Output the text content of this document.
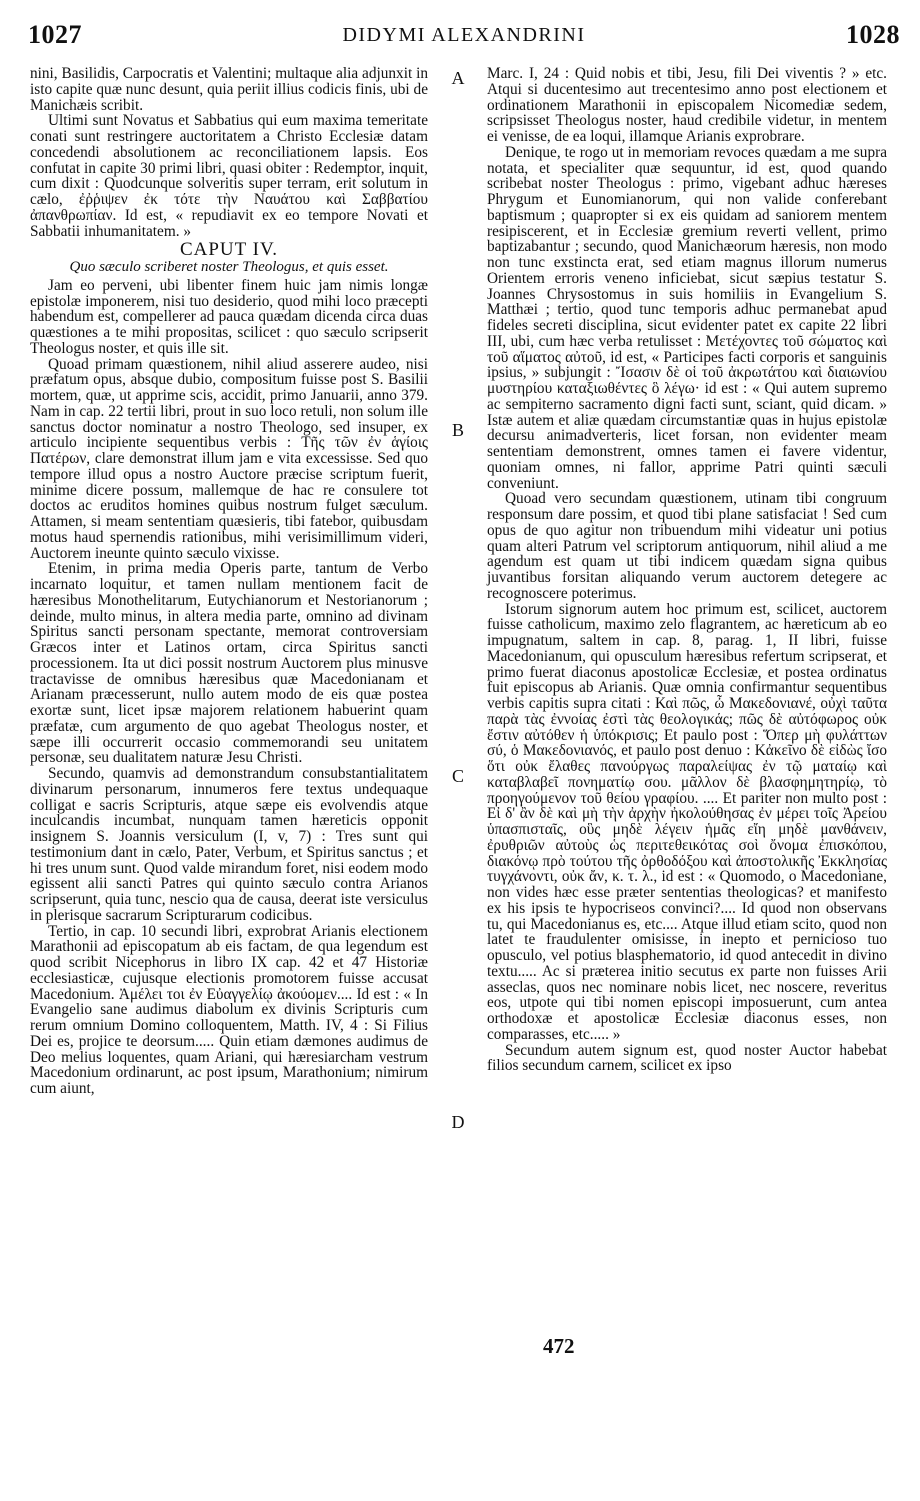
1027	DIDYMI ALEXANDRINI	1028

nini, Basilidis, Carpocratis et Valentini; multaque alia adjunxit in isto capite quæ nunc desunt, quia periit illius codicis finis, ubi de Manichæis scribit.

Ultimi sunt Novatus et Sabbatius qui eum maxima temeritate conati sunt restringere auctoritatem a Christo Ecclesiæ datam concedendi absolutionem ac reconciliationem lapsis. Eos confutat in capite 30 primi libri, quasi obiter : Redemptor, inquit, cum dixit : Quodcunque solveritis super terram, erit solutum in cælo, ἐῤῥιψεν ἐκ τότε τὴν Ναυάτου καὶ Σαββατίου ἀπανθρωπίαν. Id est, « repudiavit ex eo tempore Novati et Sabbatii inhumanitatem. »

CAPUT IV.
Quo sæculo scriberet noster Theologus, et quis esset.

Jam eo perveni, ubi libenter finem huic jam nimis longæ epistolæ imponerem, nisi tuo desiderio, quod mihi loco præcepti habendum est, compellerer ad pauca quædam dicenda circa duas quæstiones a te mihi propositas, scilicet : quo sæculo scripserit Theologus noster, et quis ille sit.

Quoad primam quæstionem, nihil aliud asserere audeo, nisi præfatum opus, absque dubio, compositum fuisse post S. Basilii mortem, quæ, ut apprime scis, accidit, primo Januarii, anno 379. Nam in cap. 22 tertii libri, prout in suo loco retuli, non solum ille sanctus doctor nominatur a nostro Theologo, sed insuper, ex articulo incipiente sequentibus verbis : Τῆς τῶν ἐν ἁγίοις Πατέρων, clare demonstrat illum jam e vita excessisse. Sed quo tempore illud opus a nostro Auctore præcise scriptum fuerit, minime dicere possum, mallemque de hac re consulere tot doctos ac eruditos homines quibus nostrum fulget sæculum. Attamen, si meam sententiam quæsieris, tibi fatebor, quibusdam motus haud spernendis rationibus, mihi verisimillimum videri, Auctorem ineunte quinto sæculo vixisse.

Etenim, in prima media Operis parte, tantum de Verbo incarnato loquitur, et tamen nullam mentionem facit de hæresibus Monothelitarum, Eutychianorum et Nestorianorum ; deinde, multo minus, in altera media parte, omnino ad divinam Spiritus sancti personam spectante, memorat controversiam Græcos inter et Latinos ortam, circa Spiritus sancti processionem. Ita ut dici possit nostrum Auctorem plus minusve tractavisse de omnibus hæresibus quæ Macedonianam et Arianam præcesserunt, nullo autem modo de eis quæ postea exortæ sunt, licet ipsæ majorem relationem habuerint quam præfatæ, cum argumento de quo agebat Theologus noster, et sæpe illi occurrerit occasio commemorandi seu unitatem personæ, seu dualitatem naturæ Jesu Christi.

Secundo, quamvis ad demonstrandum consubstantialitatem divinarum personarum, innumeros fere textus undequaque colligat e sacris Scripturis, atque sæpe eis evolvendis atque inculcandis incumbat, nunquam tamen hæreticis opponit insignem S. Joannis versiculum (I, v, 7) : Tres sunt qui testimonium dant in cælo, Pater, Verbum, et Spiritus sanctus ; et hi tres unum sunt. Quod valde mirandum foret, nisi eodem modo egissent alii sancti Patres qui quinto sæculo contra Arianos scripserunt, quia tunc, nescio qua de causa, deerat iste versiculus in plerisque sacrarum Scripturarum codicibus.

Tertio, in cap. 10 secundi libri, exprobrat Arianis electionem Marathonii ad episcopatum ab eis factam, de qua legendum est quod scribit Nicephorus in libro IX cap. 42 et 47 Historiæ ecclesiasticæ, cujusque electionis promotorem fuisse accusat Macedonium. Ἀμέλει τοι ἐν Εὐαγγελίῳ ἀκούομεν.... Id est : « In Evangelio sane audimus diabolum ex divinis Scripturis cum rerum omnium Domino colloquentem, Matth. IV, 4 : Si Filius Dei es, projice te deorsum..... Quin etiam dæmones audimus de Deo melius loquentes, quam Ariani, qui hæresiarcham vestrum Macedonium ordinarunt, ac post ipsum, Marathonium; nimirum cum aiunt,

Marc. I, 24 : Quid nobis et tibi, Jesu, fili Dei viventis ? » etc. Atqui si ducentesimo aut trecentesimo anno post electionem et ordinationem Marathonii in episcopalem Nicomediæ sedem, scripsisset Theologus noster, haud credibile videtur, in mentem ei venisse, de ea loqui, illamque Arianis exprobrare.

Denique, te rogo ut in memoriam revoces quædam a me supra notata, et specialiter quæ sequuntur, id est, quod quando scribebat noster Theologus : primo, vigebant adhuc hæreses Phrygum et Eunomianorum, qui non valide conferebant baptismum ; quapropter si ex eis quidam ad saniorem mentem resipiscerent, et in Ecclesiæ gremium reverti vellent, primo baptizabantur ; secundo, quod Manichæorum hæresis, non modo non tunc exstincta erat, sed etiam magnus illorum numerus Orientem erroris veneno inficiebat, sicut sæpius testatur S. Joannes Chrysostomus in suis homiliis in Evangelium S. Matthæi ; tertio, quod tunc temporis adhuc permanebat apud fideles secreti disciplina, sicut evidenter patet ex capite 22 libri III, ubi, cum hæc verba retulisset : Μετέχοντες τοῦ σώματος καὶ τοῦ αἵματος αὐτοῦ, id est, « Participes facti corporis et sanguinis ipsius, » subjungit : Ἴσασιν δὲ οἱ τοῦ ἀκρωτάτου καὶ διαιωνίου μυστηρίου καταξιωθέντες ὃ λέγω· id est : « Qui autem supremo ac sempiterno sacramento digni facti sunt, sciant, quid dicam. » Istæ autem et aliæ quædam circumstantiæ quas in hujus epistolæ decursu animadverteris, licet forsan, non evidenter meam sententiam demonstrent, omnes tamen ei favere videntur, quoniam omnes, ni fallor, apprime Patri quinti sæculi conveniunt.

Quoad vero secundam quæstionem, utinam tibi congruum responsum dare possim, et quod tibi plane satisfaciat ! Sed cum opus de quo agitur non tribuendum mihi videatur uni potius quam alteri Patrum vel scriptorum antiquorum, nihil aliud a me agendum est quam ut tibi indicem quædam signa quibus juvantibus forsitan aliquando verum auctorem detegere ac recognoscere poterimus.

Istorum signorum autem hoc primum est, scilicet, auctorem fuisse catholicum, maximo zelo flagrantem, ac hæreticum ab eo impugnatum, saltem in cap. 8, parag. 1, II libri, fuisse Macedonianum, qui opusculum hæresibus refertum scripserat, et primo fuerat diaconus apostolicæ Ecclesiæ, et postea ordinatus fuit episcopus ab Arianis. Quæ omnia confirmantur sequentibus verbis capitis supra citati : Καὶ πῶς, ὦ Μακεδονιανέ, οὐχὶ ταῦτα παρὰ τὰς ἐννοίας ἐστὶ τὰς θεολογικάς; πῶς δὲ αὐτόφωρος οὐκ ἔστιν αὐτόθεν ἡ ὑπόκρισις; Et paulo post : Ὅπερ μὴ φυλάττων σύ, ὁ Μακεδονιανός, et paulo post denuo : Κἀκεῖνο δὲ εἰδὼς ἴσο ὅτι οὐκ ἔλαθες πανούργως παραλείψας ἐν τῷ ματαίῳ καὶ καταβλαβεῖ πονηματίῳ σου. μᾶλλον δὲ βλασφημητηρίῳ, τὸ προηγούμενον τοῦ θείου γραφίου. .... Et pariter non multo post : Εἰ δ' ἂν δὲ καὶ μὴ τὴν ἀρχὴν ἠκολούθησας ἐν μέρει τοῖς Ἀρείου ὑπασπισταῖς, οὓς μηδὲ λέγειν ἡμᾶς εἴη μηδὲ μανθάνειν, ἐρυθριῶν αὐτοὺς ὡς περιτεθεικότας σοὶ ὄνομα ἐπισκόπου, διακόνῳ πρὸ τούτου τῆς ὀρθοδόξου καὶ ἀποστολικῆς Ἐκκλησίας τυγχάνοντι, οὐκ ἄν, κ. τ. λ., id est : « Quomodo, o Macedoniane, non vides hæc esse præter sententias theologicas? et manifesto ex his ipsis te hypocriseos convinci?.... Id quod non observans tu, qui Macedonianus es, etc.... Atque illud etiam scito, quod non latet te fraudulenter omisisse, in inepto et pernicioso tuo opusculo, vel potius blasphematorio, id quod antecedit in divino textu..... Ac si præterea initio secutus ex parte non fuisses Arii asseclas, quos nec nominare nobis licet, nec noscere, reveritus eos, utpote qui tibi nomen episcopi imposuerunt, cum antea orthodoxæ et apostolicæ Ecclesiæ diaconus esses, non comparasses, etc..... »

Secundum autem signum est, quod noster Auctor habebat filios secundum carnem, scilicet ex ipso

A
B
C
D
472
